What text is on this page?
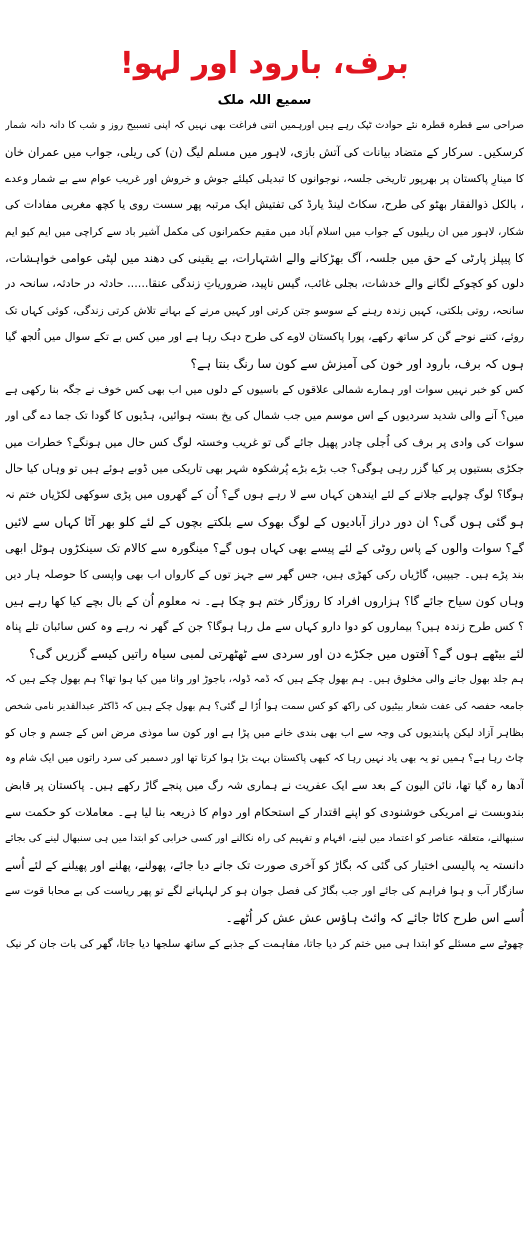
برف، بارود اور لہو!
سمیع اللہ ملک
صراحی سے قطرہ قطرہ نئے حوادث ٹپک رہے ہیں اورہمیں اتنی فراغت بھی نہیں کہ اپنی تسبیح روز و شب کا دانہ دانہ شمار
کرسکیں۔ سرکار کے متضاد بیانات کی آتش بازی، لاہور میں مسلم لیگ (ن) کی ریلی، جواب میں عمران خان
کا مینارِ پاکستان پر بھرپور تاریخی جلسہ، نوجوانوں کا تبدیلی کیلئے جوش و خروش اور غریب عوام سے بے شمار وعدے
، بالکل ذوالفقار بھٹو کی طرح، سکاٹ لینڈ یارڈ کی تفتیش ایک مرتبہ پھر سست روی یا کچھ مغربی مفادات کی
شکار، لاہور میں ان ریلیوں کے جواب میں اسلام آباد میں مقیم حکمرانوں کی مکمل آشیر باد سے کراچی میں ایم کیو ایم
کا پیپلز پارٹی کے حق میں جلسہ، آگ بھڑکانے والے اشتہارات، بے یقینی کی دھند میں لپٹی عوامی خواہشات،
دلوں کو کچوکے لگانے والے خدشات، بجلی غائب، گیس ناپید، ضروریاتِ زندگی عنقا...... حادثہ در حادثہ، سانحہ در
سانحہ، روتی بلکتی، کہیں زندہ رہنے کے سوسو جتن کرتی اور کہیں مرنے کے بہانے تلاش کرتی زندگی، کوئی کہاں تک
روئے، کتنے نوحے گن کر ساتھ رکھے، پورا پاکستان لاوے کی طرح دہک رہا ہے اور میں کس بے تکے سوال میں اُلجھ گیا
ہوں کہ برف، بارود اور خون کی آمیزش سے کون سا رنگ بنتا ہے؟
کس کو خبر نہیں سوات اور ہمارے شمالی علاقوں کے باسیوں کے دلوں میں اب بھی کس خوف نے جگہ بنا رکھی ہے
میں؟ آنے والی شدید سردیوں کے اس موسم میں جب شمال کی یخ بستہ ہوائیں، ہڈیوں کا گودا تک جما دے گی اور
سوات کی وادی پر برف کی اُجلی چادر پھیل جائے گی تو غریب وخستہ لوگ کس حال میں ہونگے؟ خطرات میں
جکڑی بستیوں پر کیا گزر رہی ہوگی؟ جب بڑے بڑے پُرشکوہ شہر بھی تاریکی میں ڈوبے ہوئے ہیں تو وہاں کیا حال
ہوگا؟ لوگ چولہے جلانے کے لئے ایندھن کہاں سے لا رہے ہوں گے؟ اُن کے گھروں میں پڑی سوکھی لکڑیاں ختم نہ
ہو گئی ہوں گی؟ ان دور دراز آبادیوں کے لوگ بھوک سے بلکتے بچوں کے لئے کلو بھر آٹا کہاں سے لائیں
گے؟ سوات والوں کے پاس روٹی کے لئے پیسے بھی کہاں ہوں گے؟ مینگورہ سے کالام تک سینکڑوں ہوٹل ابھی
بند پڑے ہیں۔ جیپیں، گاڑیاں رکی کھڑی ہیں، جس گھر سے جہز توں کے کارواں اب بھی واپسی کا حوصلہ ہار دیں
وہاں کون سیاح جائے گا؟ ہزاروں افراد کا روزگار ختم ہو چکا ہے۔ نہ معلوم اُن کے بال بچے کیا کھا رہے ہیں
؟ کس طرح زندہ ہیں؟ بیماروں کو دوا دارو کہاں سے مل رہا ہوگا؟ جن کے گھر نہ رہے وہ کس سائبان تلے پناہ
لئے بیٹھے ہوں گے؟ آفتوں میں جکڑے دن اور سردی سے ٹھٹھرتی لمبی سیاہ راتیں کیسے گزریں گی؟
ہم جلد بھول جانے والی مخلوق ہیں۔ ہم بھول چکے ہیں کہ ڈمہ ڈولہ، باجوڑ اور وانا میں کیا ہوا تھا؟ ہم بھول چکے ہیں کہ
جامعہ حفصہ کی عفت شعار بیٹیوں کی راکھ کو کس سمت ہوا اُڑا لے گئی؟ ہم بھول چکے ہیں کہ ڈاکٹر عبدالقدیر نامی شخص
بظاہر آزاد لیکن پابندیوں کی وجہ سے اب بھی بندی خانے میں پڑا ہے اور کون سا موذی مرض اس کے جسم و جاں کو
چاٹ رہا ہے؟ ہمیں تو یہ بھی یاد نہیں رہا کہ کبھی پاکستان بہت بڑا ہوا کرتا تھا اور دسمبر کی سرد راتوں میں ایک شام وہ
آدھا رہ گیا تھا، نائن الیون کے بعد سے ایک عفریت نے ہماری شہ رگ میں پنجے گاڑ رکھے ہیں۔ پاکستان پر قابض
بندوبست نے امریکی خوشنودی کو اپنے اقتدار کے استحکام اور دوام کا ذریعہ بنا لیا ہے۔ معاملات کو حکمت سے
سنبھالنے، متعلقہ عناصر کو اعتماد میں لینے، افہام و تفہیم کی راہ نکالنے اور کسی خرابی کو ابتدا میں ہی سنبھال لینے کی بجائے
دانستہ یہ پالیسی اختیار کی گئی کہ بگاڑ کو آخری صورت تک جانے دیا جائے، پھولنے، پھلنے اور پھیلنے کے لئے اُسے
سازگار آب و ہوا فراہم کی جائے اور جب بگاڑ کی فصل جوان ہو کر لہلہانے لگے تو پھر ریاست کی بے محابا قوت سے
اُسے اس طرح کاٹا جائے کہ وائٹ ہاؤس عش عش کر اُٹھے۔
چھوٹے سے مسئلے کو ابتدا ہی میں ختم کر دیا جاتا، مفاہمت کے جذبے کے ساتھ سلجھا دیا جاتا، گھر کی بات جان کر نیک
